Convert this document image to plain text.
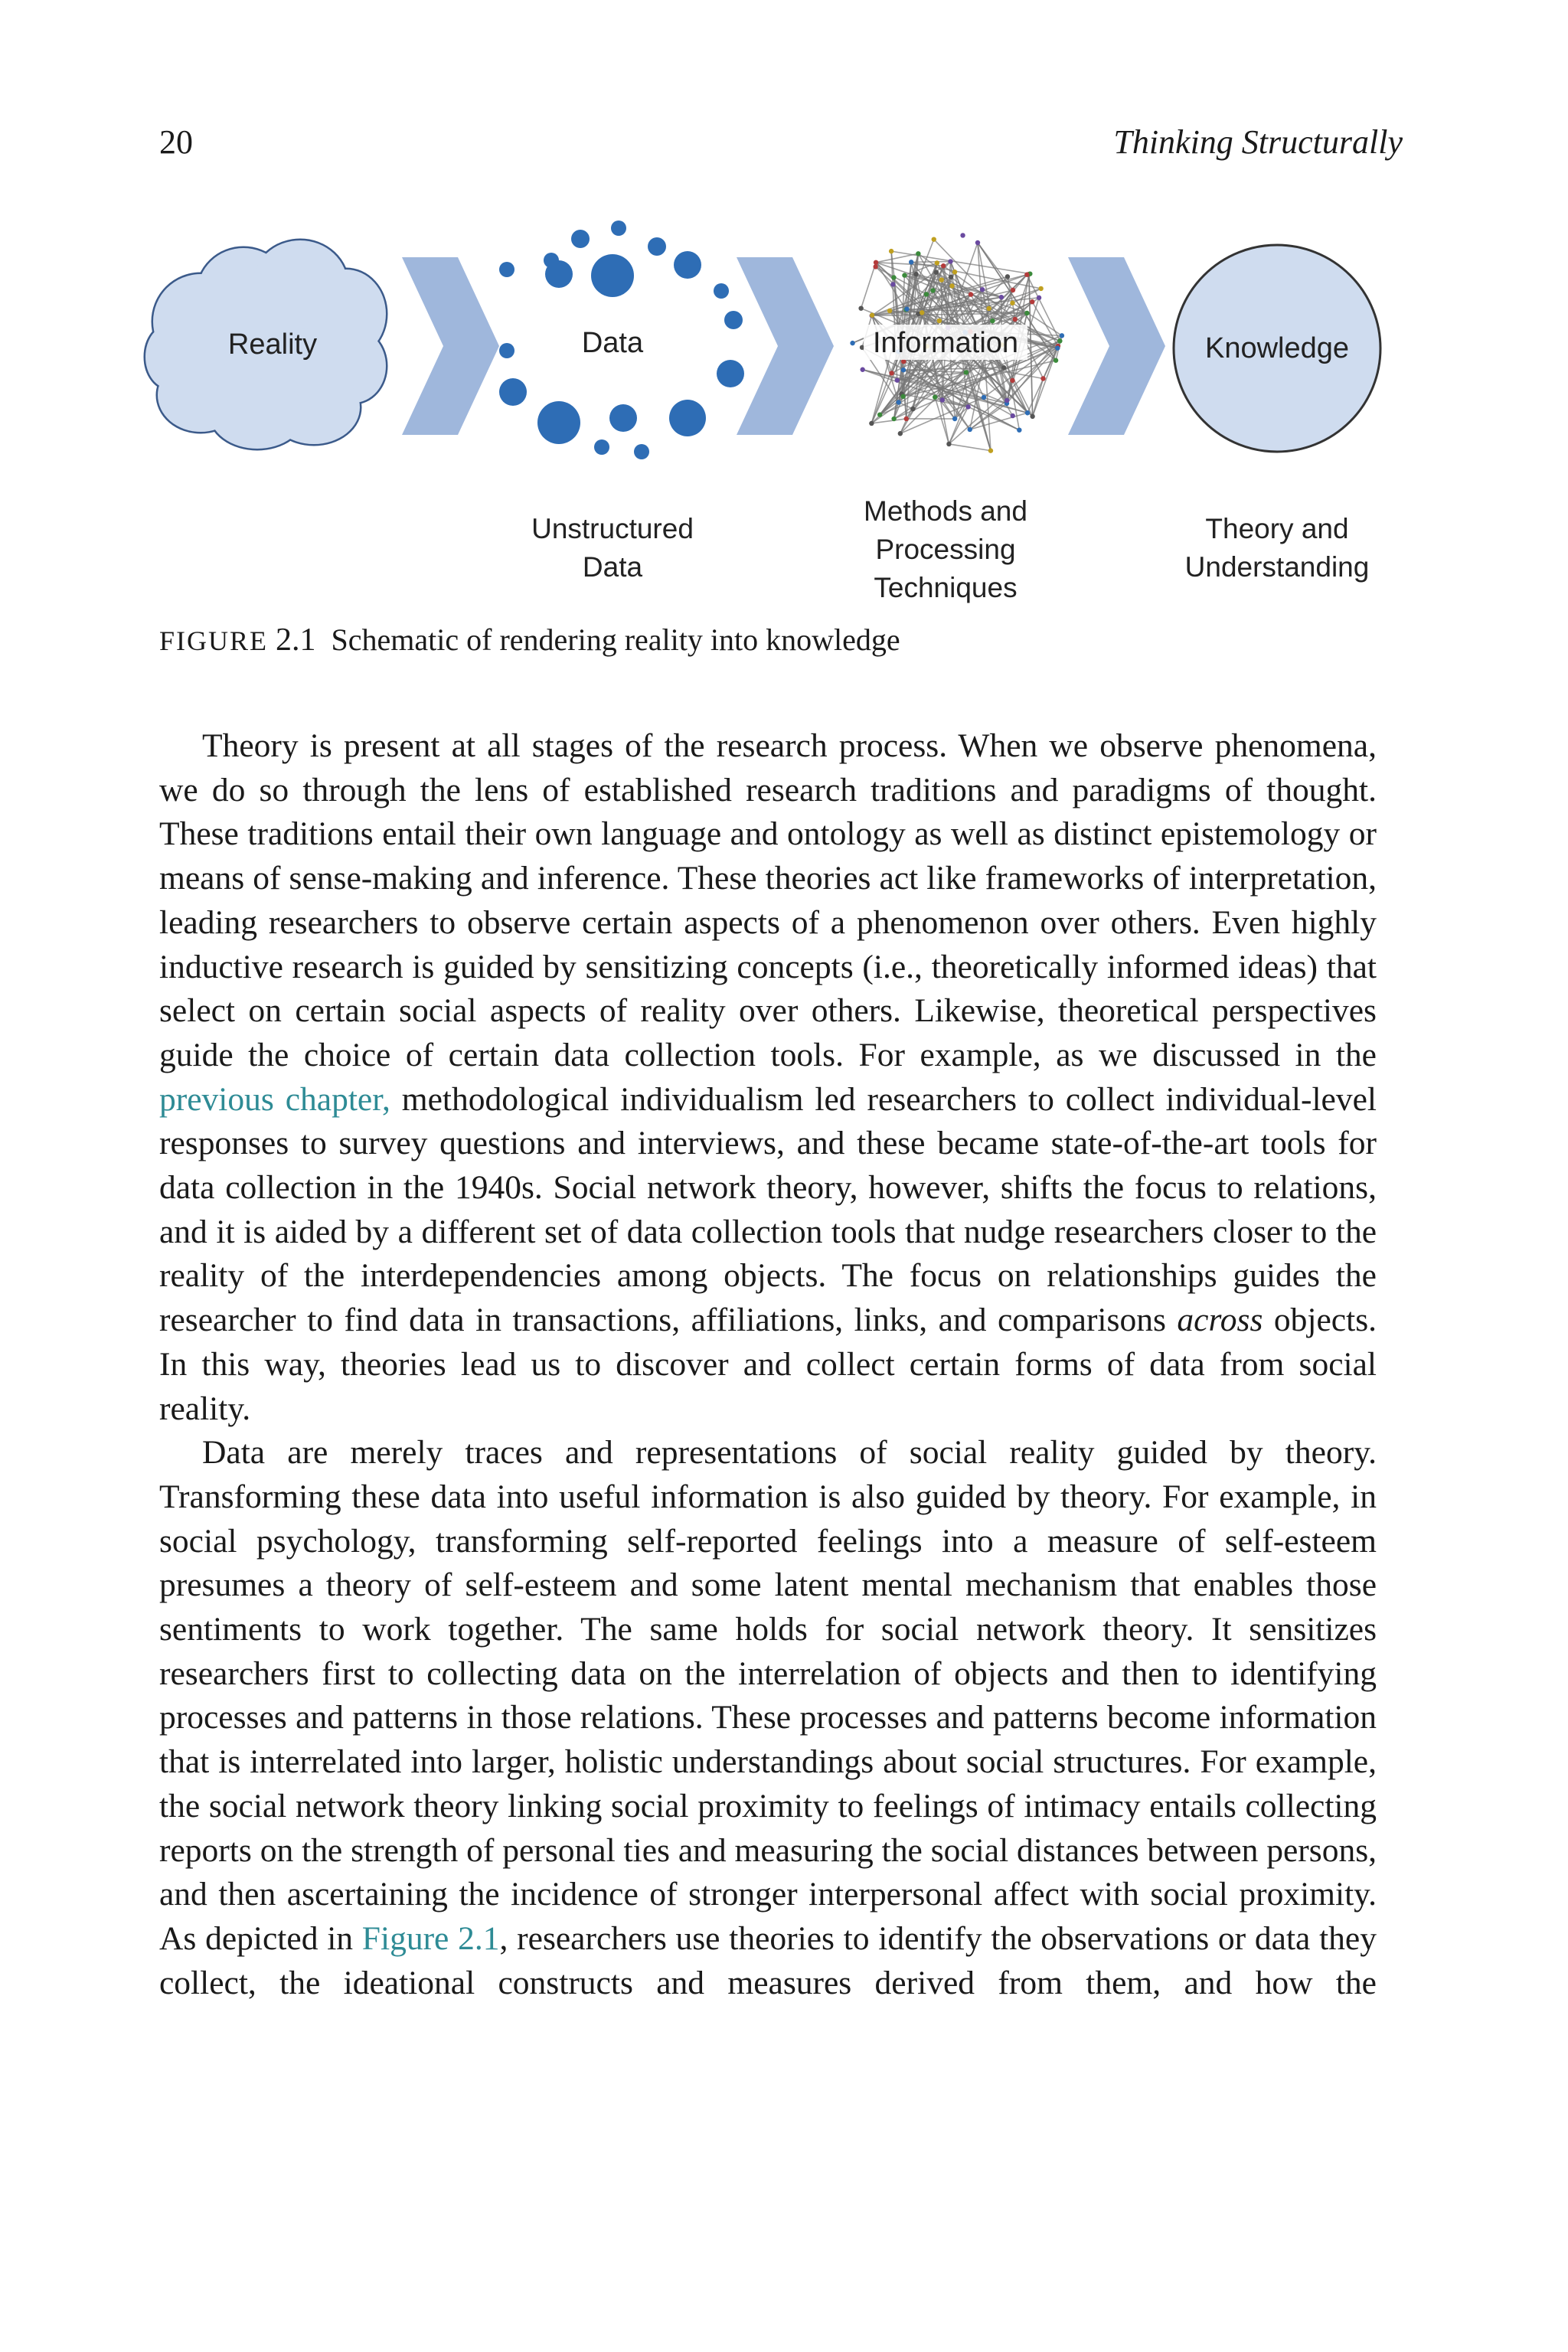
20	Thinking Structurally
Reality	Data	Information	Knowledge
Unstructured
Data
Methods and
Processing
Techniques
Theory and
Understanding
FIGURE 2.1 Schematic of rendering reality into knowledge

Theory is present at all stages of the research process. When we observe phenomena, we do so through the lens of established research traditions and paradigms of thought. These traditions entail their own language and ontology as well as distinct epistemology or means of sense-making and inference. These theories act like frameworks of interpretation, leading researchers to observe certain aspects of a phenomenon over others. Even highly inductive research is guided by sensitizing concepts (i.e., theoretically informed ideas) that select on certain social aspects of reality over others. Likewise, theoretical perspectives guide the choice of certain data collection tools. For example, as we discussed in the previous chapter, methodological individualism led researchers to collect individual-level responses to survey questions and interviews, and these became state-of-the-art tools for data collection in the 1940s. Social network theory, however, shifts the focus to relations, and it is aided by a different set of data collection tools that nudge researchers closer to the reality of the interdependencies among objects. The focus on relationships guides the researcher to find data in transactions, affiliations, links, and comparisons across objects. In this way, theories lead us to discover and collect certain forms of data from social reality.

Data are merely traces and representations of social reality guided by theory. Transforming these data into useful information is also guided by theory. For example, in social psychology, transforming self-reported feelings into a measure of self-esteem presumes a theory of self-esteem and some latent mental mechanism that enables those sentiments to work together. The same holds for social network theory. It sensitizes researchers first to collecting data on the interrelation of objects and then to identifying processes and patterns in those relations. These processes and patterns become information that is interrelated into larger, holistic understandings about social structures. For example, the social network theory linking social proximity to feelings of intimacy entails collecting reports on the strength of personal ties and measuring the social distances between persons, and then ascertaining the incidence of stronger interpersonal affect with social proximity. As depicted in Figure 2.1, researchers use theories to identify the observations or data they collect, the ideational constructs and measures derived from them, and how the
